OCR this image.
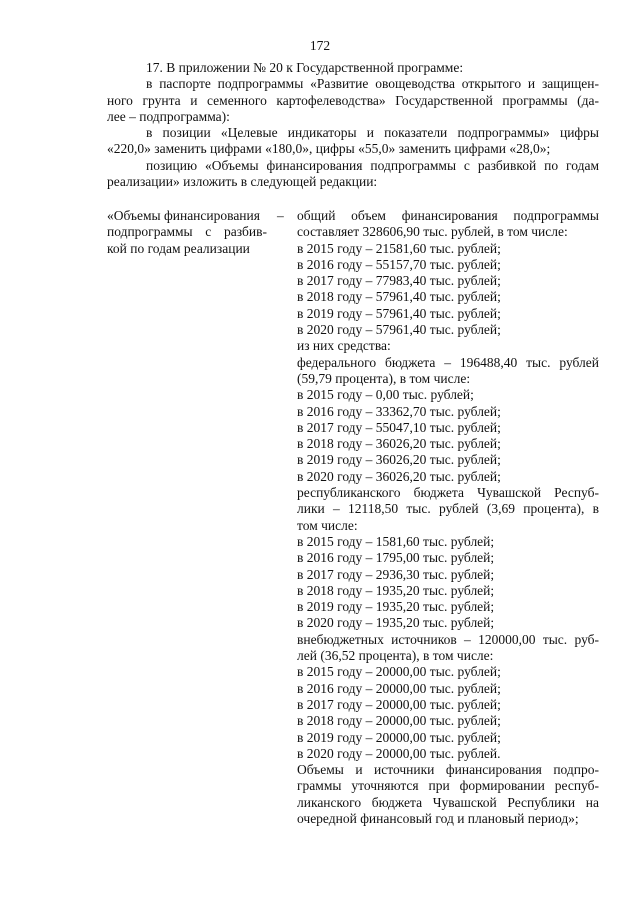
172
17. В приложении № 20 к Государственной программе:
в паспорте подпрограммы «Развитие овощеводства открытого и защищен-
ного грунта и семенного картофелеводства» Государственной программы (да-
лее – подпрограмма):
в позиции «Целевые индикаторы и показатели подпрограммы» цифры
«220,0» заменить цифрами «180,0», цифры «55,0» заменить цифрами «28,0»;
позицию «Объемы финансирования подпрограммы с разбивкой по годам
реализации» изложить в следующей редакции:
«Объемы финансирования
подпрограммы с разбив-
кой по годам реализации
– общий объем финансирования подпрограммы
составляет 328606,90 тыс. рублей, в том числе:
в 2015 году – 21581,60 тыс. рублей;
в 2016 году – 55157,70 тыс. рублей;
в 2017 году – 77983,40 тыс. рублей;
в 2018 году – 57961,40 тыс. рублей;
в 2019 году – 57961,40 тыс. рублей;
в 2020 году – 57961,40 тыс. рублей;
из них средства:
федерального бюджета – 196488,40 тыс. рублей
(59,79 процента), в том числе:
в 2015 году – 0,00 тыс. рублей;
в 2016 году – 33362,70 тыс. рублей;
в 2017 году – 55047,10 тыс. рублей;
в 2018 году – 36026,20 тыс. рублей;
в 2019 году – 36026,20 тыс. рублей;
в 2020 году – 36026,20 тыс. рублей;
республиканского бюджета Чувашской Респуб-
лики – 12118,50 тыс. рублей (3,69 процента), в
том числе:
в 2015 году – 1581,60 тыс. рублей;
в 2016 году – 1795,00 тыс. рублей;
в 2017 году – 2936,30 тыс. рублей;
в 2018 году – 1935,20 тыс. рублей;
в 2019 году – 1935,20 тыс. рублей;
в 2020 году – 1935,20 тыс. рублей;
внебюджетных источников – 120000,00 тыс. руб-
лей (36,52 процента), в том числе:
в 2015 году – 20000,00 тыс. рублей;
в 2016 году – 20000,00 тыс. рублей;
в 2017 году – 20000,00 тыс. рублей;
в 2018 году – 20000,00 тыс. рублей;
в 2019 году – 20000,00 тыс. рублей;
в 2020 году – 20000,00 тыс. рублей.
Объемы и источники финансирования подпро-
граммы уточняются при формировании респуб-
ликанского бюджета Чувашской Республики на
очередной финансовый год и плановый период»;
